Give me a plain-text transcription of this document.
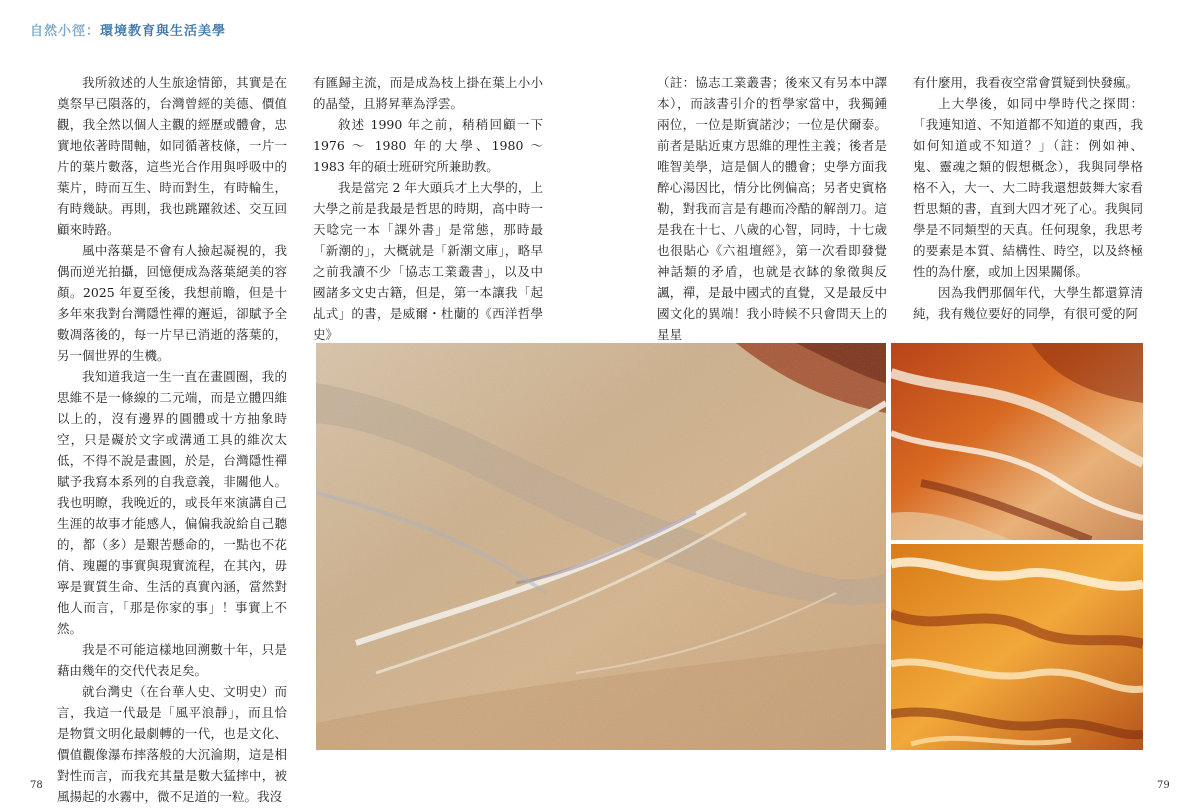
自然小徑：環境教育與生活美學

我所敘述的人生旅途情節，其實是在奠祭早已隕落的，台灣曾經的美德、價值觀，我全然以個人主觀的經歷或體會，忠實地依著時間軸，如同循著枝條，一片一片的葉片數落，這些光合作用與呼吸中的葉片，時而互生、時而對生，有時輪生，有時幾缺。再則，我也跳躍敘述、交互回顧來時路。

風中落葉是不會有人撿起凝視的，我偶而逆光拍攝，回憶便成為落葉絕美的容顏。2025 年夏至後，我想前瞻，但是十多年來我對台灣隱性禪的邂逅，卻賦予全數凋落後的，每一片早已消逝的落葉的，另一個世界的生機。

我知道我這一生一直在畫圓圈，我的思維不是一條線的二元端，而是立體四維以上的，沒有邊界的圓體或十方抽象時空，只是礙於文字或溝通工具的維次太低，不得不說是畫圓，於是，台灣隱性禪賦予我寫本系列的自我意義，非關他人。我也明瞭，我晚近的，或長年來演講自己生涯的故事才能感人，偏偏我說給自己聽的，都（多）是艱苦懸命的，一點也不花俏、瑰麗的事實與現實流程，在其內，毋寧是實質生命、生活的真實內涵，當然對他人而言，「那是你家的事」！事實上不然。

我是不可能這樣地回溯數十年，只是藉由幾年的交代代表足矣。

就台灣史（在台華人史、文明史）而言，我這一代最是「風平浪靜」，而且恰是物質文明化最劇轉的一代，也是文化、價值觀像瀑布摔落般的大沉淪期，這是相對性而言，而我充其量是數大猛摔中，被風揚起的水霧中，微不足道的一粒。我沒

有匯歸主流，而是成為枝上掛在葉上小小的晶瑩，且將昇華為浮雲。

敘述 1990 年之前，稍稍回顧一下 1976 ～ 1980 年的大學、1980 ～ 1983 年的碩士班研究所兼助教。

我是當完 2 年大頭兵才上大學的，上大學之前是我最是哲思的時期，高中時一天唸完一本「課外書」是常態，那時最「新潮的」，大概就是「新潮文庫」，略早之前我讀不少「協志工業叢書」，以及中國諸多文史古籍，但是，第一本讓我「起乩式」的書，是威爾・杜蘭的《西洋哲學史》

（註：協志工業叢書；後來又有另本中譯本），而該書引介的哲學家當中，我獨鍾兩位，一位是斯賓諾沙；一位是伏爾泰。前者是貼近東方思維的理性主義；後者是唯智美學，這是個人的體會；史學方面我醉心湯因比，情分比例偏高；另者史賓格勒，對我而言是有趣而冷酷的解剖刀。這是我在十七、八歲的心智，同時，十七歲也很貼心《六祖壇經》，第一次看即發覺神話類的矛盾，也就是衣缽的象徵與反諷，禪，是最中國式的直覺，又是最反中國文化的異端！我小時候不只會問天上的星星

有什麼用，我看夜空常會質疑到快發瘋。

上大學後，如同中學時代之探問：「我連知道、不知道都不知道的東西，我如何知道或不知道？」（註：例如神、鬼、靈魂之類的假想概念），我與同學格格不入，大一、大二時我還想鼓舞大家看哲思類的書，直到大四才死了心。我與同學是不同類型的天真。任何現象，我思考的要素是本質、結構性、時空，以及終極性的為什麼，或加上因果關係。

因為我們那個年代，大學生都還算清純，我有幾位要好的同學，有很可愛的阿

78	79
